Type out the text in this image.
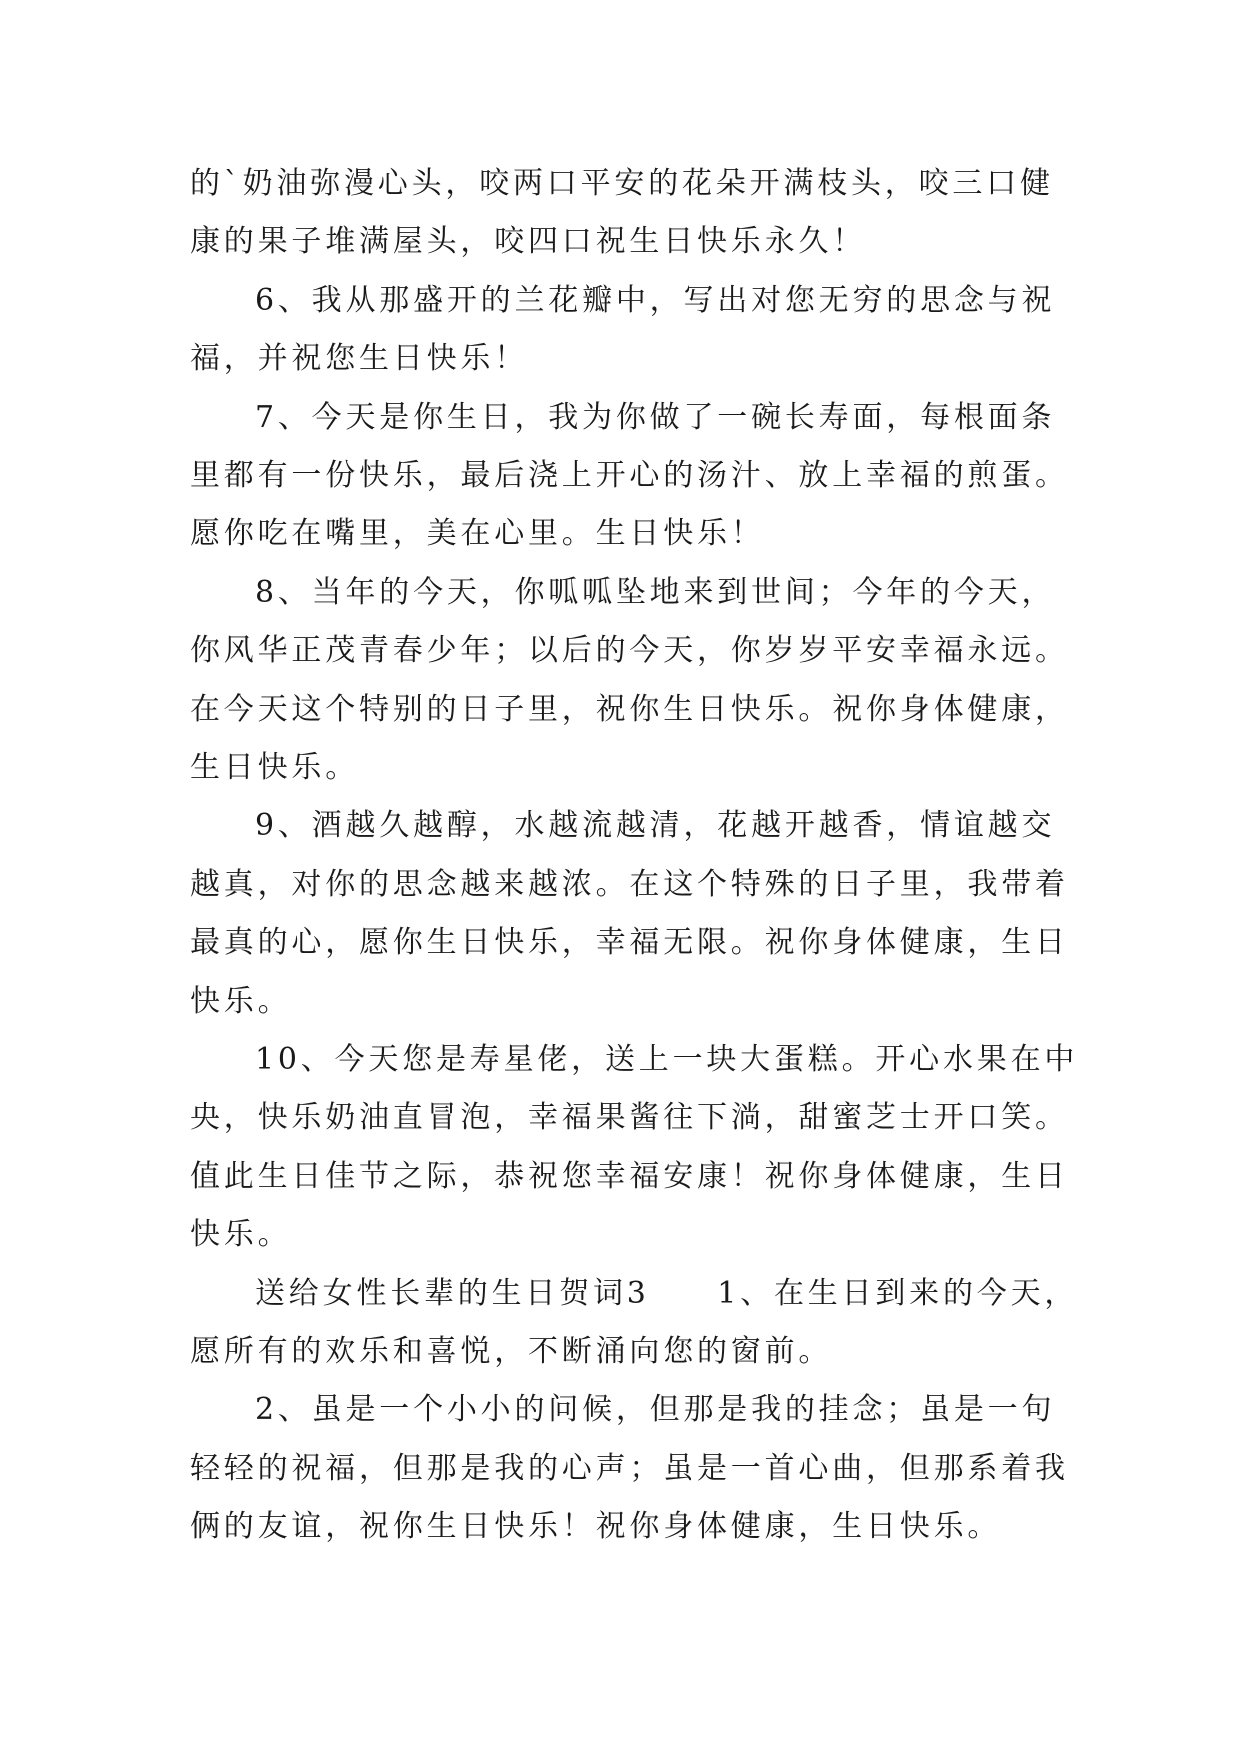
的`奶油弥漫心头，咬两口平安的花朵开满枝头，咬三口健
康的果子堆满屋头，咬四口祝生日快乐永久！
6、我从那盛开的兰花瓣中，写出对您无穷的思念与祝
福，并祝您生日快乐！
7、今天是你生日，我为你做了一碗长寿面，每根面条
里都有一份快乐，最后浇上开心的汤汁、放上幸福的煎蛋。
愿你吃在嘴里，美在心里。生日快乐！
8、当年的今天，你呱呱坠地来到世间；今年的今天，
你风华正茂青春少年；以后的今天，你岁岁平安幸福永远。
在今天这个特别的日子里，祝你生日快乐。祝你身体健康，
生日快乐。
9、酒越久越醇，水越流越清，花越开越香，情谊越交
越真，对你的思念越来越浓。在这个特殊的日子里，我带着
最真的心，愿你生日快乐，幸福无限。祝你身体健康，生日
快乐。
10、今天您是寿星佬，送上一块大蛋糕。开心水果在中
央，快乐奶油直冒泡，幸福果酱往下淌，甜蜜芝士开口笑。
值此生日佳节之际，恭祝您幸福安康！祝你身体健康，生日
快乐。
送给女性长辈的生日贺词3　　1、在生日到来的今天，
愿所有的欢乐和喜悦，不断涌向您的窗前。
2、虽是一个小小的问候，但那是我的挂念；虽是一句
轻轻的祝福，但那是我的心声；虽是一首心曲，但那系着我
俩的友谊，祝你生日快乐！祝你身体健康，生日快乐。
